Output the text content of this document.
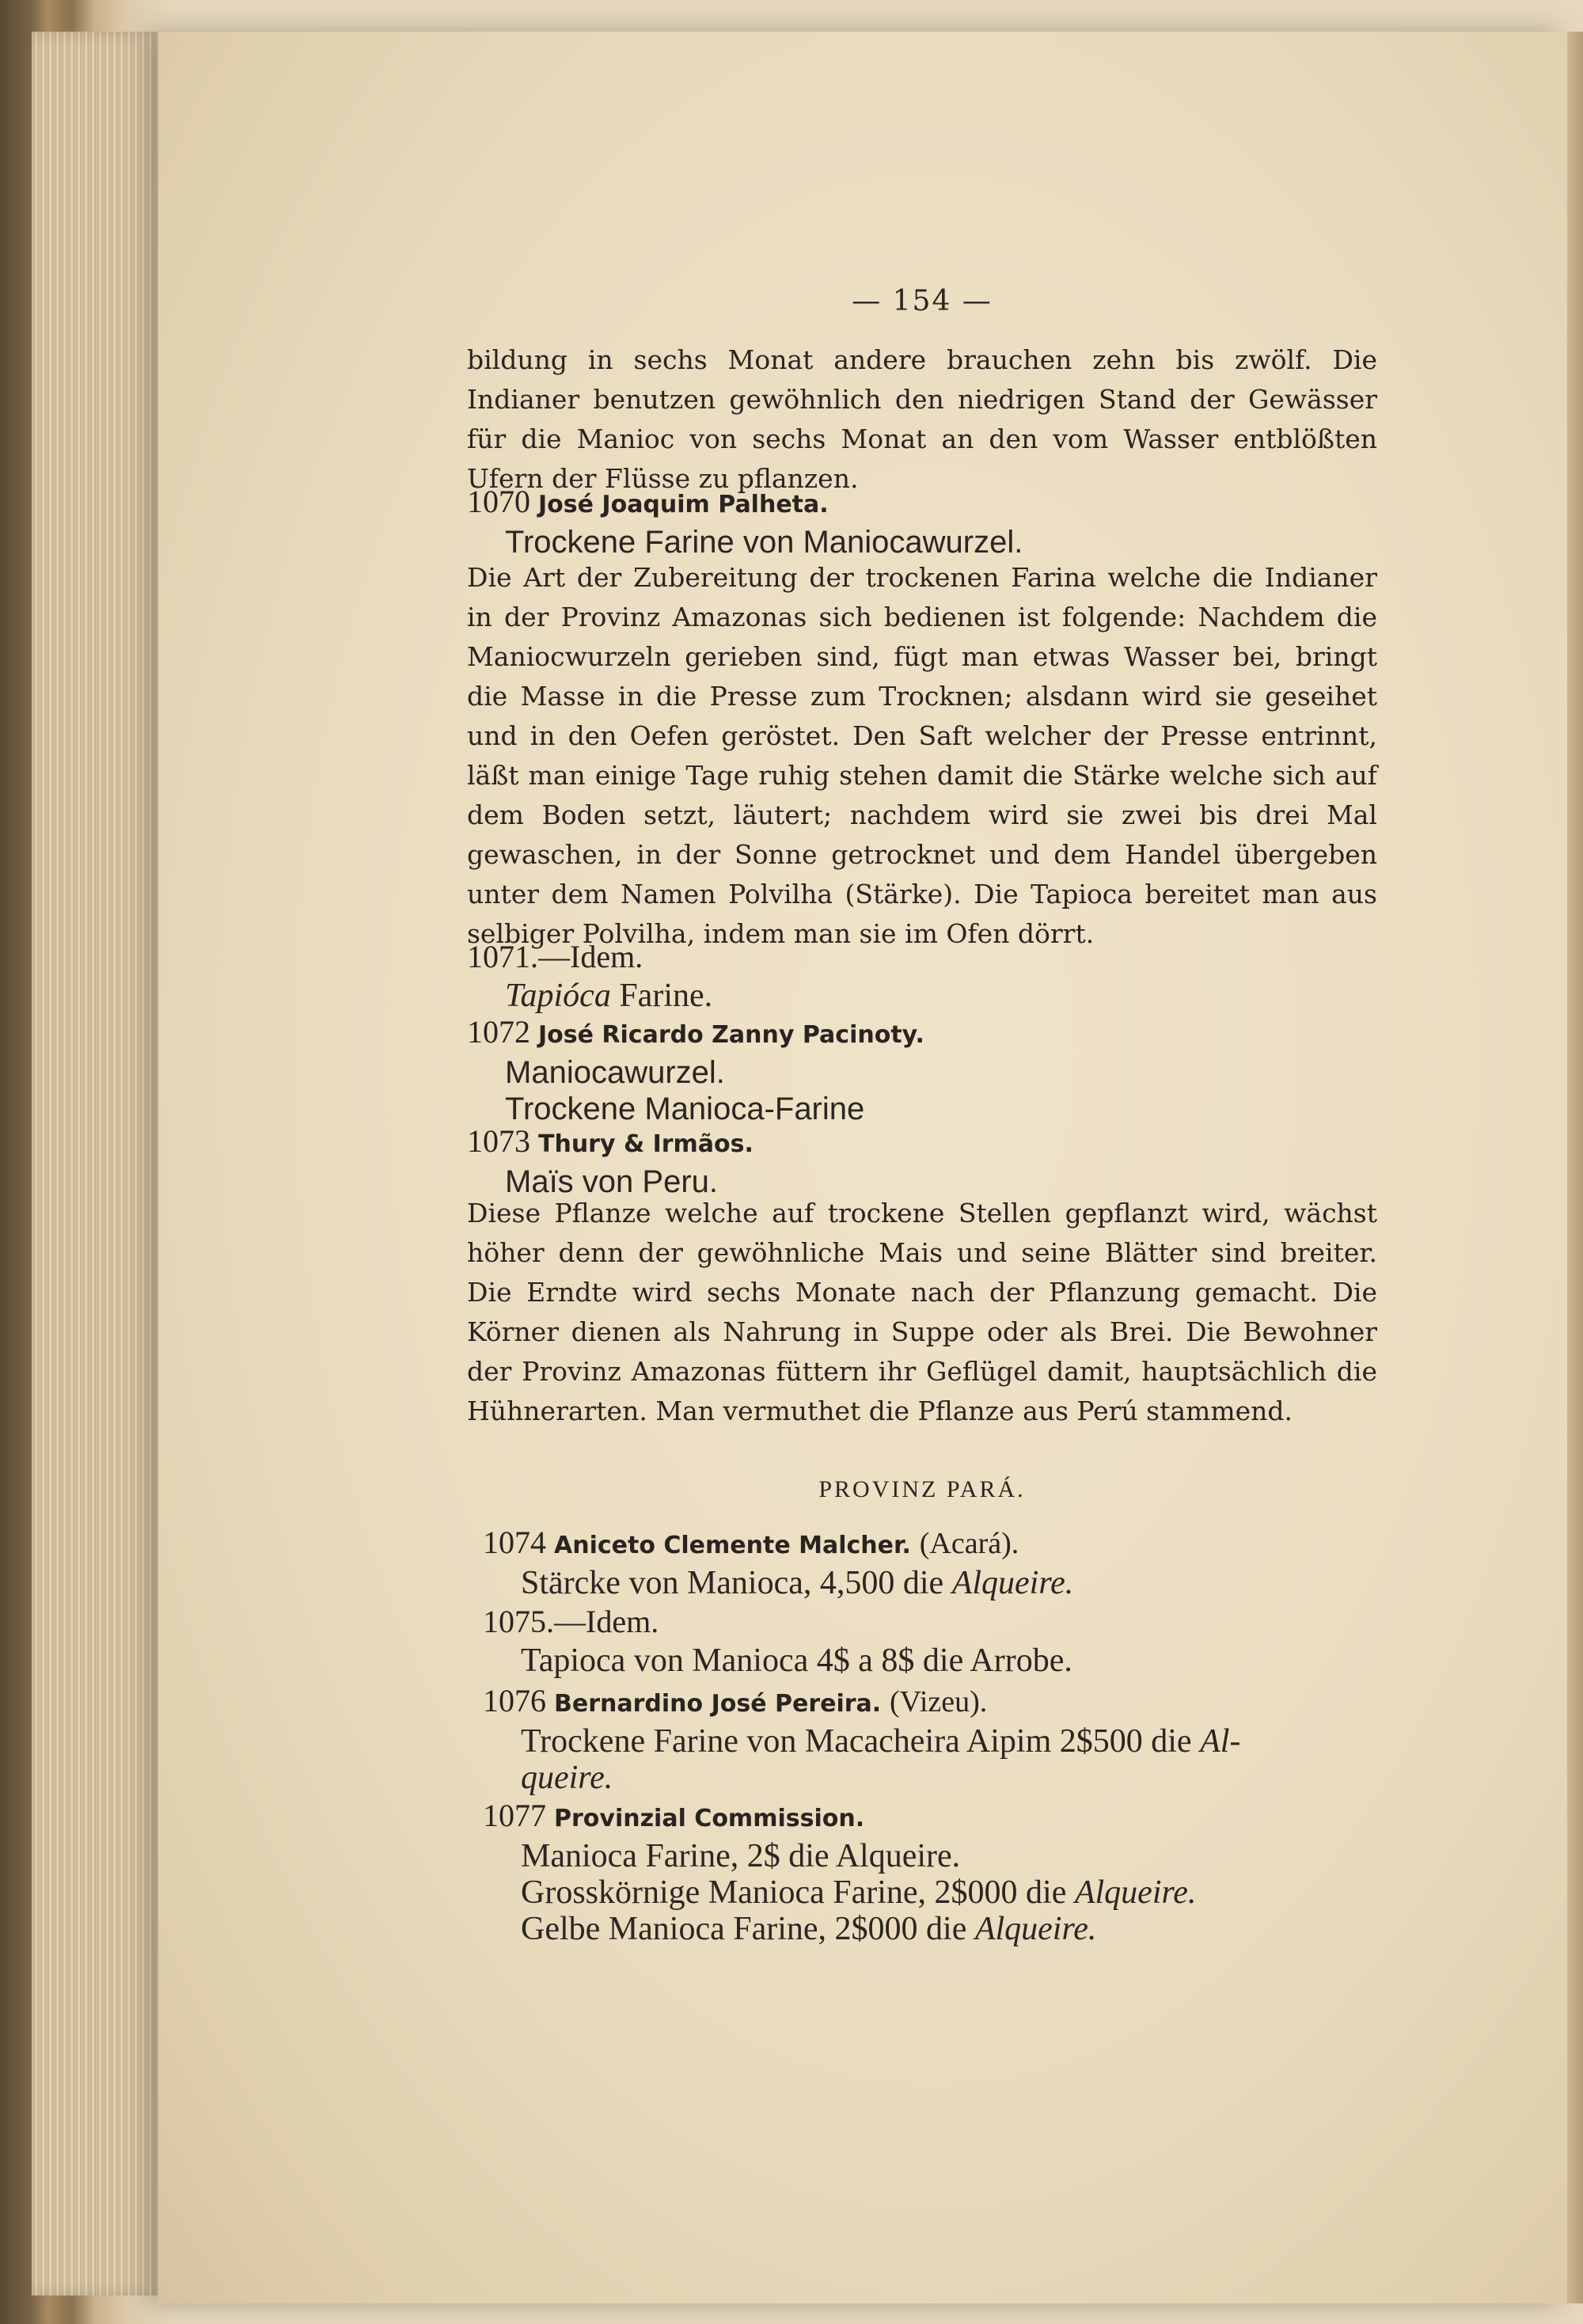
— 154 —

bildung in sechs Monat andere brauchen zehn bis zwölf. Die Indianer benutzen gewöhnlich den niedrigen Stand der Gewässer für die Manioc von sechs Monat an den vom Wasser entblößten Ufern der Flüsse zu pflanzen.

1070 José Joaquim Palheta.

Trockene Farine von Maniocawurzel.

Die Art der Zubereitung der trockenen Farina welche die Indianer in der Provinz Amazonas sich bedienen ist folgende: Nachdem die Maniocwurzeln gerieben sind, fügt man etwas Wasser bei, bringt die Masse in die Presse zum Trocknen; alsdann wird sie geseihet und in den Oefen geröstet. Den Saft welcher der Presse entrinnt, läßt man einige Tage ruhig stehen damit die Stärke welche sich auf dem Boden setzt, läutert; nachdem wird sie zwei bis drei Mal gewaschen, in der Sonne getrocknet und dem Handel übergeben unter dem Namen Polvilha (Stärke). Die Tapioca bereitet man aus selbiger Polvilha, indem man sie im Ofen dörrt.

1071.—Idem.

Tapióca Farine.

1072 José Ricardo Zanny Pacinoty.

Maniocawurzel.

Trockene Manioca-Farine

1073 Thury & Irmãos.

Maïs von Peru.

Diese Pflanze welche auf trockene Stellen gepflanzt wird, wächst höher denn der gewöhnliche Mais und seine Blätter sind breiter. Die Erndte wird sechs Monate nach der Pflanzung gemacht. Die Körner dienen als Nahrung in Suppe oder als Brei. Die Bewohner der Provinz Amazonas füttern ihr Geflügel damit, hauptsächlich die Hühnerarten. Man vermuthet die Pflanze aus Perú stammend.

PROVINZ PARÁ.

1074 Aniceto Clemente Malcher. (Acará).

Stärcke von Manioca, 4,500 die Alqueire.

1075.—Idem.

Tapioca von Manioca 4$ a 8$ die Arrobe.

1076 Bernardino José Pereira. (Vizeu).

Trockene Farine von Macacheira Aipim 2$500 die Al-

queire.

1077 Provinzial Commission.

Manioca Farine, 2$ die Alqueire.

Grosskörnige Manioca Farine, 2$000 die Alqueire.

Gelbe Manioca Farine, 2$000 die Alqueire.
